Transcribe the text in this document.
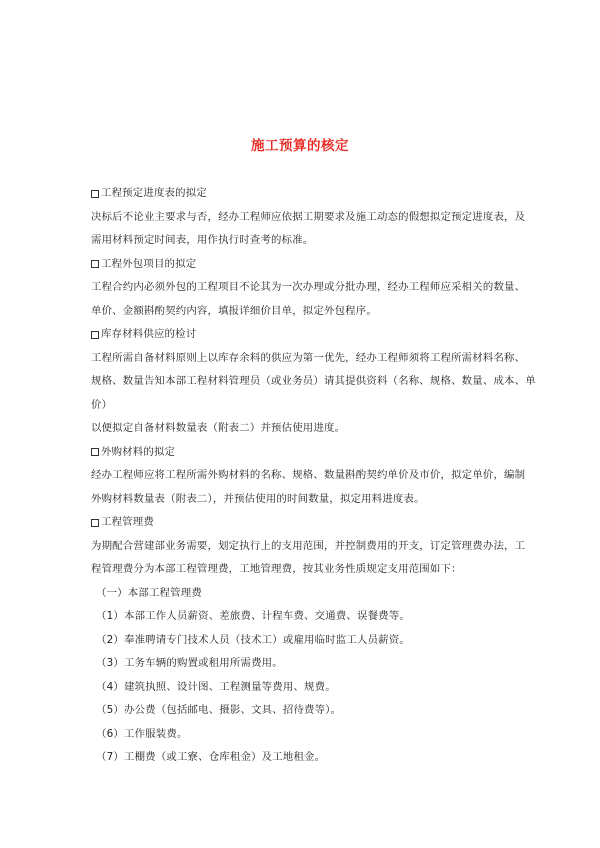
施工预算的核定

工程预定进度表的拟定

决标后不论业主要求与否，经办工程师应依据工期要求及施工动态的假想拟定预定进度表，及

需用材料预定时间表，用作执行时查考的标准。

工程外包项目的拟定

工程合约内必须外包的工程项目不论其为一次办理或分批办理，经办工程师应采相关的数量、

单价、金额斟酌契约内容，填报详细价目单，拟定外包程序。

库存材料供应的检讨

工程所需自备材料原则上以库存余料的供应为第一优先，经办工程师须将工程所需材料名称、

规格、数量告知本部工程材料管理员（或业务员）请其提供资料（名称、规格、数量、成本、单价）

以便拟定自备材料数量表（附表二）并预估使用进度。

外购材料的拟定

经办工程师应将工程所需外购材料的名称、规格、数量斟酌契约单价及市价，拟定单价，编制

外购材料数量表（附表二），并预估使用的时间数量，拟定用料进度表。

工程管理费

为期配合营建部业务需要，划定执行上的支用范围，并控制费用的开支，订定管理费办法，工

程管理费分为本部工程管理费，工地管理费，按其业务性质规定支用范围如下：

（一）本部工程管理费

（1）本部工作人员薪资、差旅费、计程车费、交通费、误餐费等。

（2）奉准聘请专门技术人员（技术工）或雇用临时监工人员薪资。

（3）工务车辆的购置或租用所需费用。

（4）建筑执照、设计图、工程测量等费用、规费。

（5）办公费（包括邮电、摄影、文具、招待费等）。

（6）工作服装费。

（7）工棚费（或工寮、仓库租金）及工地租金。
